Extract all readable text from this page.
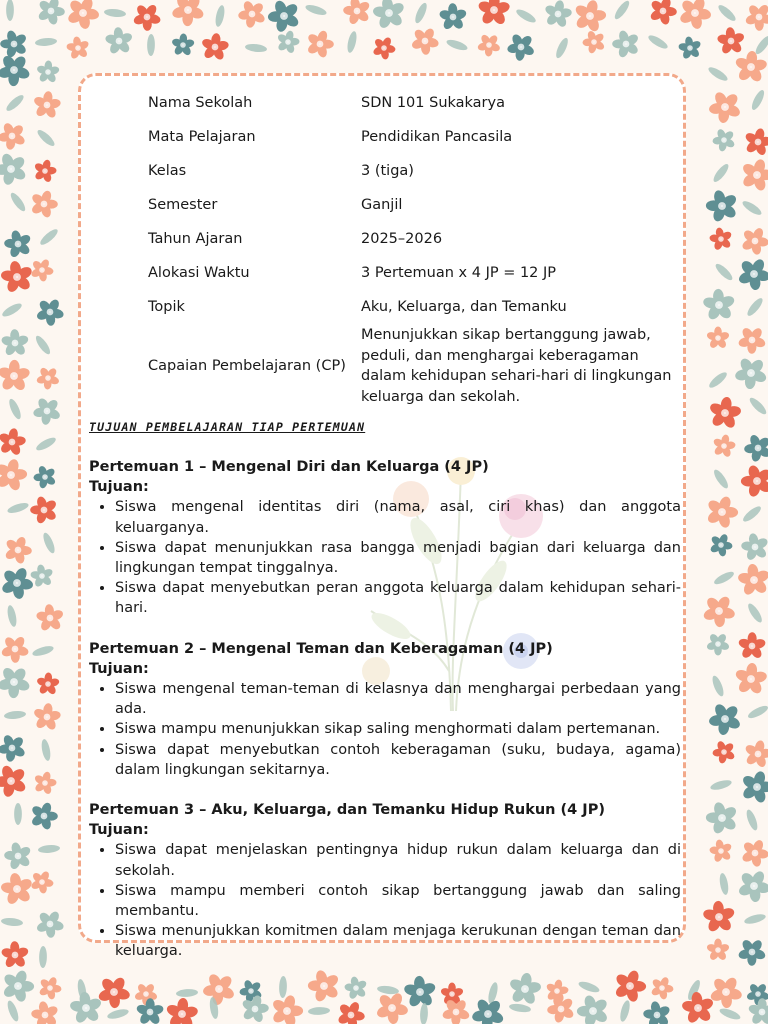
Nama Sekolah	SDN 101 Sukakarya
Mata Pelajaran	Pendidikan Pancasila
Kelas	3 (tiga)
Semester	Ganjil
Tahun Ajaran	2025–2026
Alokasi Waktu	3 Pertemuan x 4 JP = 12 JP
Topik	Aku, Keluarga, dan Temanku
Capaian Pembelajaran (CP)	Menunjukkan sikap bertanggung jawab, peduli, dan menghargai keberagaman dalam kehidupan sehari-hari di lingkungan keluarga dan sekolah.
TUJUAN PEMBELAJARAN TIAP PERTEMUAN
Pertemuan 1 – Mengenal Diri dan Keluarga (4 JP)
Tujuan:
• Siswa mengenal identitas diri (nama, asal, ciri khas) dan anggota keluarganya.
• Siswa dapat menunjukkan rasa bangga menjadi bagian dari keluarga dan lingkungan tempat tinggalnya.
• Siswa dapat menyebutkan peran anggota keluarga dalam kehidupan sehari-hari.
Pertemuan 2 – Mengenal Teman dan Keberagaman (4 JP)
Tujuan:
• Siswa mengenal teman-teman di kelasnya dan menghargai perbedaan yang ada.
• Siswa mampu menunjukkan sikap saling menghormati dalam pertemanan.
• Siswa dapat menyebutkan contoh keberagaman (suku, budaya, agama) dalam lingkungan sekitarnya.
Pertemuan 3 – Aku, Keluarga, dan Temanku Hidup Rukun (4 JP)
Tujuan:
• Siswa dapat menjelaskan pentingnya hidup rukun dalam keluarga dan di sekolah.
• Siswa mampu memberi contoh sikap bertanggung jawab dan saling membantu.
• Siswa menunjukkan komitmen dalam menjaga kerukunan dengan teman dan keluarga.
